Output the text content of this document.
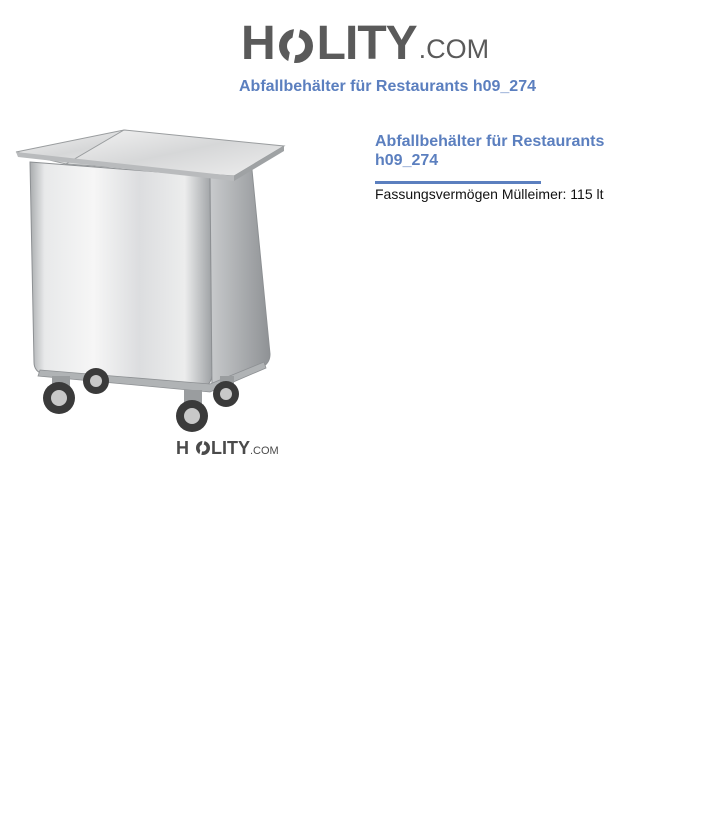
H LITY .COM
Abfallbehälter für Restaurants h09_274
H LITY .COM
Abfallbehälter für Restaurants h09_274
Fassungsvermögen Mülleimer: 115 lt
